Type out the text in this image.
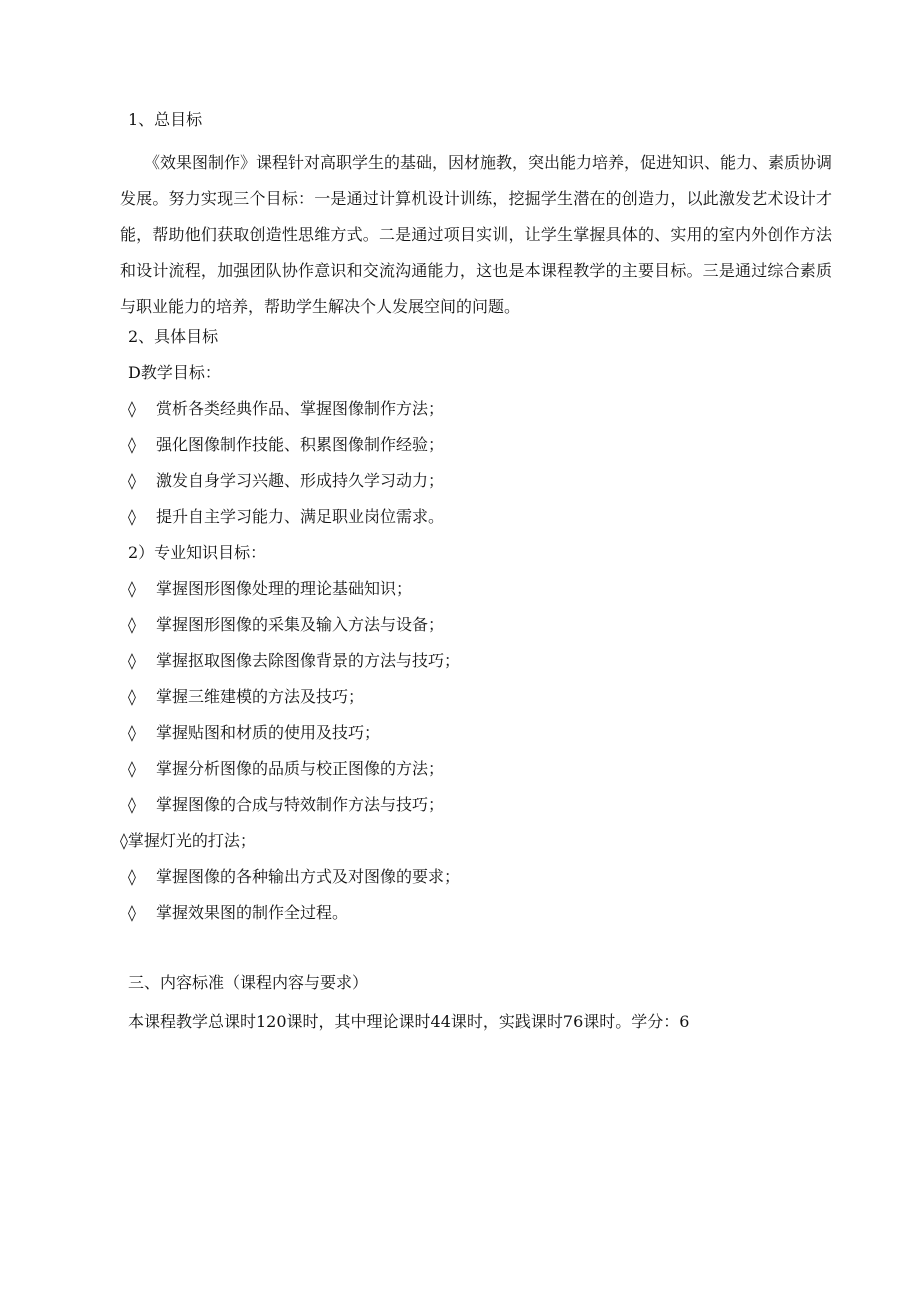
1、总目标
《效果图制作》课程针对高职学生的基础，因材施教，突出能力培养，促进知识、能力、素质协调发展。努力实现三个目标：一是通过计算机设计训练，挖掘学生潜在的创造力，以此激发艺术设计才能，帮助他们获取创造性思维方式。二是通过项目实训，让学生掌握具体的、实用的室内外创作方法和设计流程，加强团队协作意识和交流沟通能力，这也是本课程教学的主要目标。三是通过综合素质与职业能力的培养，帮助学生解决个人发展空间的问题。
2、具体目标
D教学目标：
◊ 赏析各类经典作品、掌握图像制作方法；
◊ 强化图像制作技能、积累图像制作经验；
◊ 激发自身学习兴趣、形成持久学习动力；
◊ 提升自主学习能力、满足职业岗位需求。
2）专业知识目标：
◊ 掌握图形图像处理的理论基础知识；
◊ 掌握图形图像的采集及输入方法与设备；
◊ 掌握抠取图像去除图像背景的方法与技巧；
◊ 掌握三维建模的方法及技巧；
◊ 掌握贴图和材质的使用及技巧；
◊ 掌握分析图像的品质与校正图像的方法；
◊ 掌握图像的合成与特效制作方法与技巧；
◊掌握灯光的打法；
◊ 掌握图像的各种输出方式及对图像的要求；
◊ 掌握效果图的制作全过程。
三、内容标准（课程内容与要求）
本课程教学总课时120课时，其中理论课时44课时，实践课时76课时。学分：6
